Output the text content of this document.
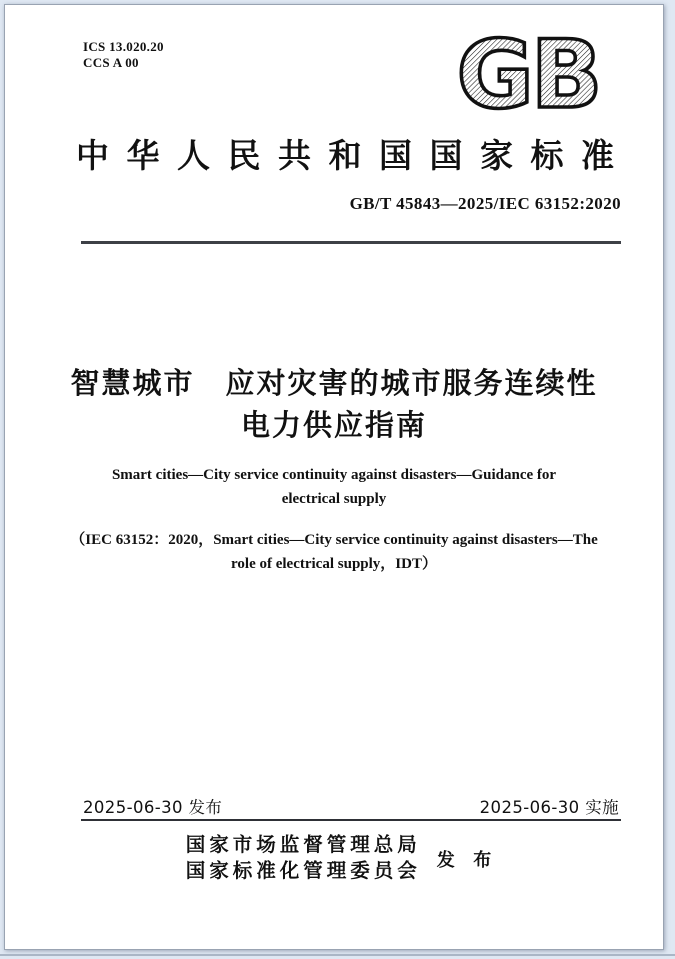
ICS 13.020.20
CCS A 00	GB
中华人民共和国国家标准
GB/T 45843—2025/IEC 63152:2020
智慧城市　应对灾害的城市服务连续性
电力供应指南
Smart cities—City service continuity against disasters—Guidance for
electrical supply
（IEC 63152：2020，Smart cities—City service continuity against disasters—The
role of electrical supply，IDT）
2025-06-30 发布	2025-06-30 实施
国家市场监督管理总局
国家标准化管理委员会
发 布
